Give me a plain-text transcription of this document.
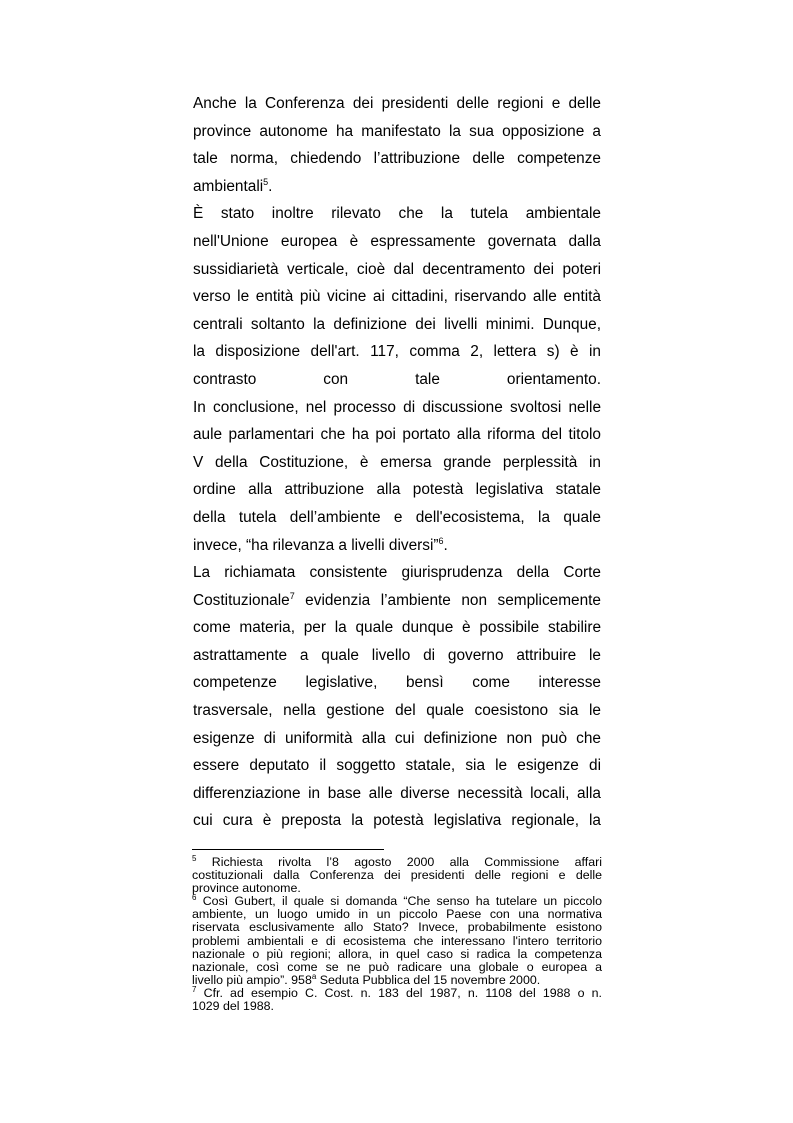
Anche la Conferenza dei presidenti delle regioni e delle
province autonome ha manifestato la sua opposizione a
tale norma, chiedendo l’attribuzione delle competenze
ambientali$^5$.
È stato inoltre rilevato che la tutela ambientale
nell'Unione europea è espressamente governata dalla
sussidiarietà verticale, cioè dal decentramento dei poteri
verso le entità più vicine ai cittadini, riservando alle entità
centrali soltanto la definizione dei livelli minimi. Dunque,
la disposizione dell'art. 117, comma 2, lettera s) è in
contrasto con tale orientamento.
In conclusione, nel processo di discussione svoltosi nelle
aule parlamentari che ha poi portato alla riforma del titolo
V della Costituzione, è emersa grande perplessità in
ordine alla attribuzione alla potestà legislativa statale
della tutela dell’ambiente e dell'ecosistema, la quale
invece, “ha rilevanza a livelli diversi”$^6$.
La richiamata consistente giurisprudenza della Corte
Costituzionale$^7$ evidenzia l’ambiente non semplicemente
come materia, per la quale dunque è possibile stabilire
astrattamente a quale livello di governo attribuire le
competenze legislative, bensì come interesse
trasversale, nella gestione del quale coesistono sia le
esigenze di uniformità alla cui definizione non può che
essere deputato il soggetto statale, sia le esigenze di
differenziazione in base alle diverse necessità locali, alla
cui cura è preposta la potestà legislativa regionale, la
$^5$ Richiesta rivolta l’8 agosto 2000 alla Commissione affari
costituzionali dalla Conferenza dei presidenti delle regioni e delle
province autonome.
$^6$ Così Gubert, il quale si domanda “Che senso ha tutelare un piccolo
ambiente, un luogo umido in un piccolo Paese con una normativa
riservata esclusivamente allo Stato? Invece, probabilmente esistono
problemi ambientali e di ecosistema che interessano l'intero territorio
nazionale o più regioni; allora, in quel caso si radica la competenza
nazionale, così come se ne può radicare una globale o europea a
livello più ampio”. 958$^a$ Seduta Pubblica del 15 novembre 2000.
$^7$ Cfr. ad esempio C. Cost. n. 183 del 1987, n. 1108 del 1988 o n.
1029 del 1988.
